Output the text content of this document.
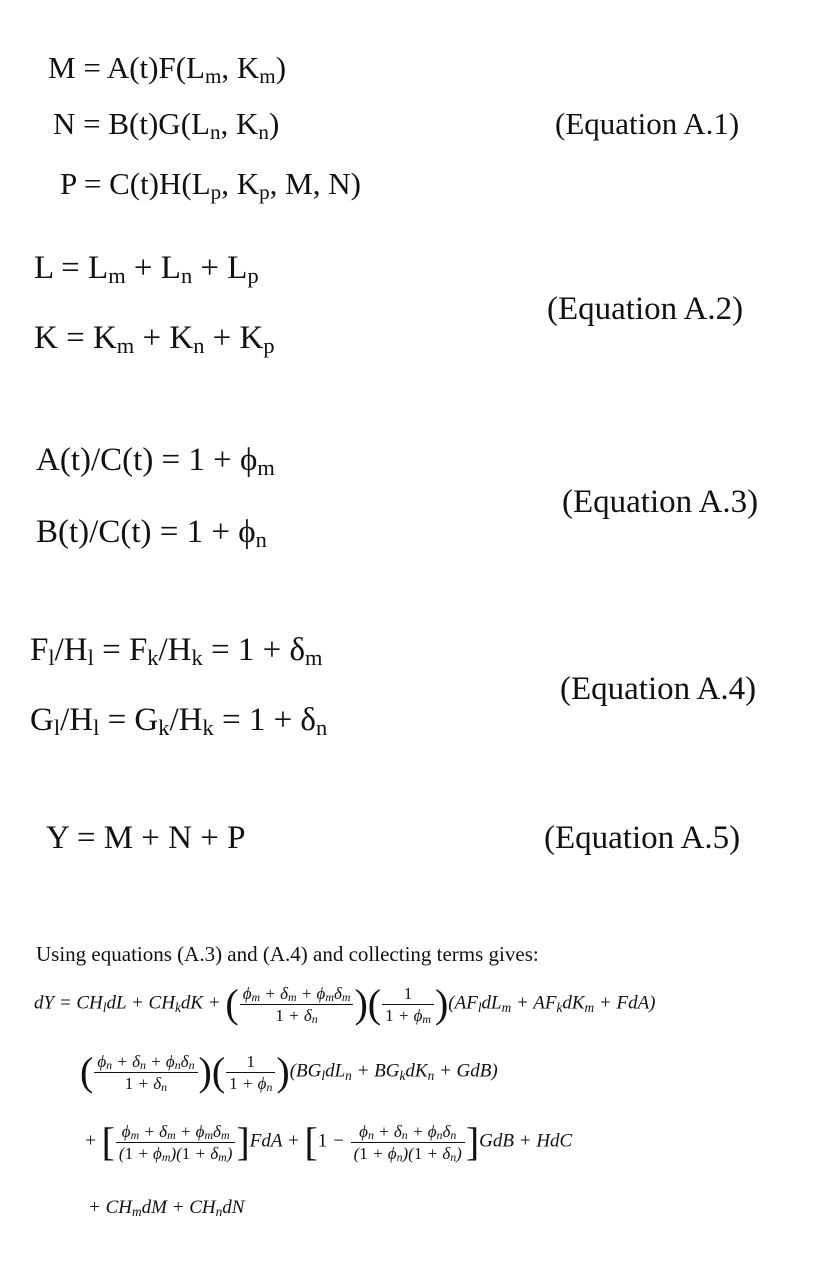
$M = A(t)F(L_m$, $K_m$)
$N = B(t)G(L_n$, $K_n$)
$P = C(t)H(L_p$, $K_p$, M, N)
(Equation A.1)
$L = L_m + L_n + L_p$
$K = K_m + K_n + K_p$
(Equation A.2)
$A(t)/C(t) = 1 + \phi_m$
$B(t)/C(t) = 1 + \phi_n$
(Equation A.3)
$F_l/H_l = F_k/H_k = 1 + \delta_m$
$G_l/H_l = G_k/H_k = 1 + \delta_n$
(Equation A.4)
Y = M + N + P	(Equation A.5)
Using equations (A.3) and (A.4) and collecting terms gives:
dY = CHldL + CHkdK + ( $\frac{\text{ϕm + δm + ϕmδm}}{1 + \delta n}$ )( $\frac{1}{1 + \phi m}$ )(AFldLm + AFkdKm + FdA)
( $\frac{\text{ϕn + δn + ϕnδn}}{1 + \delta n}$ )( $\frac{1}{1 + \phi n}$ )(BGldLn + BGkdKn + GdB)
+ [ $\frac{\text{ϕm + δm + ϕmδm}}{(1 + \phi m)(1 + \delta m)} ]FdA + [1 - \frac{\text{ϕn + δn + ϕnδn}}{(1 + \phi n)(1 + \delta n)} ]GdB$ + HdC
+ CHmdM + CHndN
